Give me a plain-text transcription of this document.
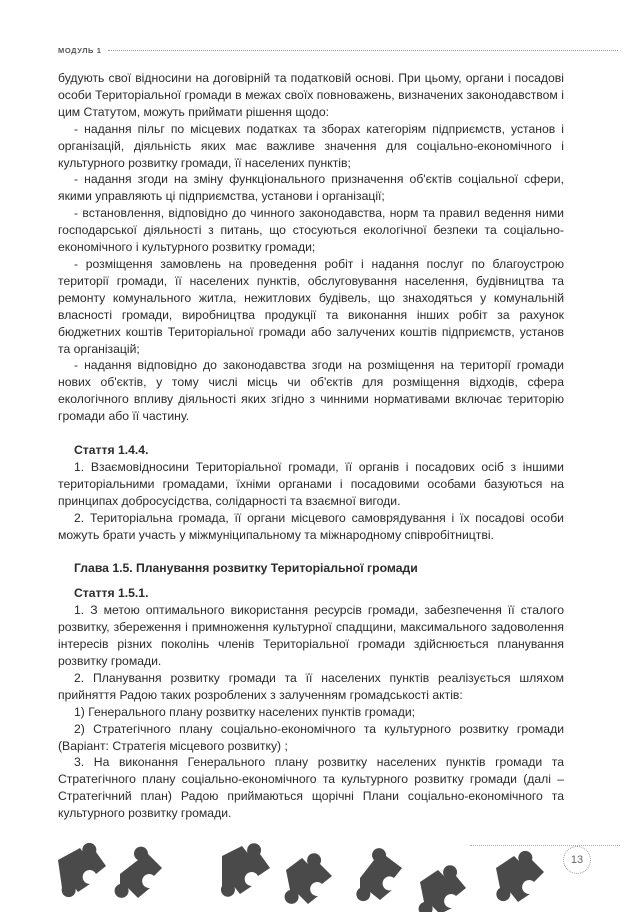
МОДУЛЬ 1

будують свої відносини на договірній та податковій основі. При цьому, органи і посадові особи Територіальної громади в межах своїх повноважень, визначених законодавством і цим Статутом, можуть приймати рішення щодо:

- надання пільг по місцевих податках та зборах категоріям підприємств, установ і організацій, діяльність яких має важливе значення для соціально-економічного і культурного розвитку громади, її населених пунктів;

- надання згоди на зміну функціонального призначення об'єктів соціальної сфери, якими управляють ці підприємства, установи і організації;

- встановлення, відповідно до чинного законодавства, норм та правил ведення ними господарської діяльності з питань, що стосуються екологічної безпеки та соціально-економічного і культурного розвитку громади;

- розміщення замовлень на проведення робіт і надання послуг по благоустрою території громади, її населених пунктів, обслуговування населення, будівництва та ремонту комунального житла, нежитлових будівель, що знаходяться у комунальній власності громади, виробництва продукції та виконання інших робіт за рахунок бюджетних коштів Територіальної громади або залучених коштів підприємств, установ та організацій;

- надання відповідно до законодавства згоди на розміщення на території громади нових об'єктів, у тому числі місць чи об'єктів для розміщення відходів, сфера екологічного впливу діяльності яких згідно з чинними нормативами включає територію громади або її частину.

Стаття 1.4.4.

1. Взаємовідносини Територіальної громади, її органів і посадових осіб з іншими територіальними громадами, їхніми органами і посадовими особами базуються на принципах добросусідства, солідарності та взаємної вигоди.

2. Територіальна громада, її органи місцевого самоврядування і їх посадові особи можуть брати участь у міжмуніципальному та міжнародному співробітництві.

Глава 1.5. Планування розвитку Територіальної громади
Стаття 1.5.1.

1. З метою оптимального використання ресурсів громади, забезпечення її сталого розвитку, збереження і примноження культурної спадщини, максимального задоволення інтересів різних поколінь членів Територіальної громади здійснюється планування розвитку громади.

2. Планування розвитку громади та її населених пунктів реалізується шляхом прийняття Радою таких розроблених з залученням громадськості актів:

1) Генерального плану розвитку населених пунктів громади;

2) Стратегічного плану соціально-економічного та культурного розвитку громади (Варіант: Стратегія місцевого розвитку) ;

3. На виконання Генерального плану розвитку населених пунктів громади та Стратегічного плану соціально-економічного та культурного розвитку громади (далі – Стратегічний план) Радою приймаються щорічні Плани соціально-економічного та культурного розвитку громади.

13
